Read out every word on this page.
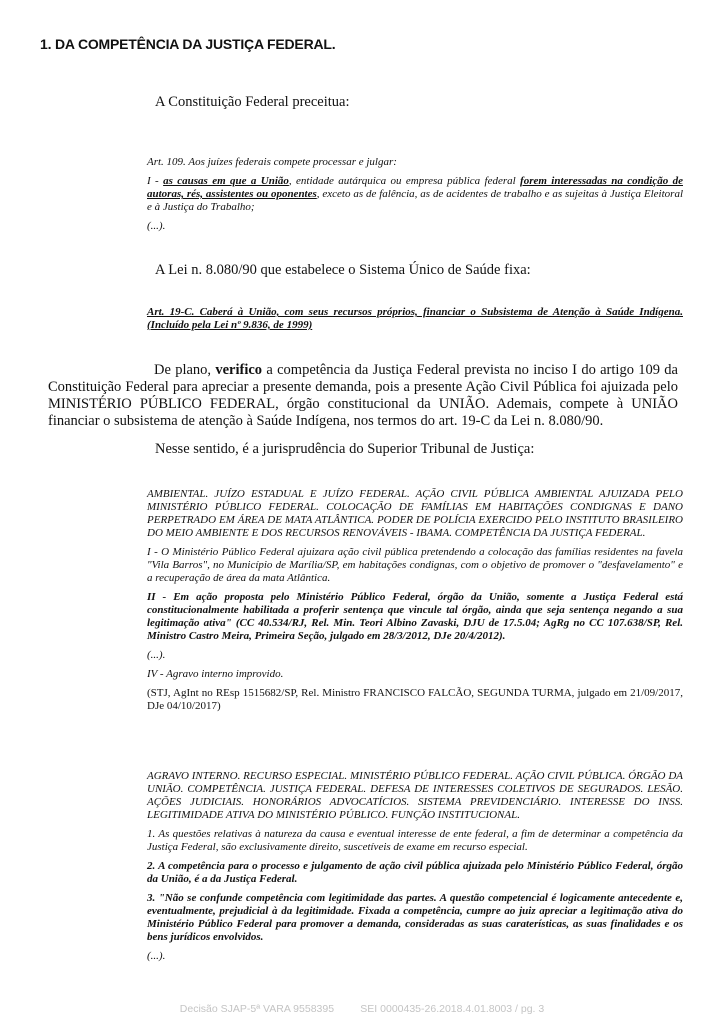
1. DA COMPETÊNCIA DA JUSTIÇA FEDERAL.
A Constituição Federal preceitua:

Art. 109. Aos juízes federais compete processar e julgar:

I - as causas em que a União, entidade autárquica ou empresa pública federal forem interessadas na condição de autoras, rés, assistentes ou oponentes, exceto as de falência, as de acidentes de trabalho e as sujeitas à Justiça Eleitoral e à Justiça do Trabalho;

(...).

A Lei n. 8.080/90 que estabelece o Sistema Único de Saúde fixa:

Art. 19-C. Caberá à União, com seus recursos próprios, financiar o Subsistema de Atenção à Saúde Indígena. (Incluído pela Lei nº 9.836, de 1999)

De plano, verifico a competência da Justiça Federal prevista no inciso I do artigo 109 da Constituição Federal para apreciar a presente demanda, pois a presente Ação Civil Pública foi ajuizada pelo MINISTÉRIO PÚBLICO FEDERAL, órgão constitucional da UNIÃO. Ademais, compete à UNIÃO financiar o subsistema de atenção à Saúde Indígena, nos termos do art. 19-C da Lei n. 8.080/90.
Nesse sentido, é a jurisprudência do Superior Tribunal de Justiça:

AMBIENTAL. JUÍZO ESTADUAL E JUÍZO FEDERAL. AÇÃO CIVIL PÚBLICA AMBIENTAL AJUIZADA PELO MINISTÉRIO PÚBLICO FEDERAL. COLOCAÇÃO DE FAMÍLIAS EM HABITAÇÕES CONDIGNAS E DANO PERPETRADO EM ÁREA DE MATA ATLÂNTICA. PODER DE POLÍCIA EXERCIDO PELO INSTITUTO BRASILEIRO DO MEIO AMBIENTE E DOS RECURSOS RENOVÁVEIS - IBAMA. COMPETÊNCIA DA JUSTIÇA FEDERAL.

I - O Ministério Público Federal ajuizara ação civil pública pretendendo a colocação das famílias residentes na favela "Vila Barros", no Município de Marília/SP, em habitações condignas, com o objetivo de promover o "desfavelamento" e a recuperação de área da mata Atlântica.

II - Em ação proposta pelo Ministério Público Federal, órgão da União, somente a Justiça Federal está constitucionalmente habilitada a proferir sentença que vincule tal órgão, ainda que seja sentença negando a sua legitimação ativa" (CC 40.534/RJ, Rel. Min. Teori Albino Zavaski, DJU de 17.5.04; AgRg no CC 107.638/SP, Rel. Ministro Castro Meira, Primeira Seção, julgado em 28/3/2012, DJe 20/4/2012).

(...).

IV - Agravo interno improvido.

(STJ, AgInt no REsp 1515682/SP, Rel. Ministro FRANCISCO FALCÃO, SEGUNDA TURMA, julgado em 21/09/2017, DJe 04/10/2017)

AGRAVO INTERNO. RECURSO ESPECIAL. MINISTÉRIO PÚBLICO FEDERAL. AÇÃO CIVIL PÚBLICA. ÓRGÃO DA UNIÃO. COMPETÊNCIA. JUSTIÇA FEDERAL. DEFESA DE INTERESSES COLETIVOS DE SEGURADOS. LESÃO. AÇÕES JUDICIAIS. HONORÁRIOS ADVOCATÍCIOS. SISTEMA PREVIDENCIÁRIO. INTERESSE DO INSS. LEGITIMIDADE ATIVA DO MINISTÉRIO PÚBLICO. FUNÇÃO INSTITUCIONAL.

1. As questões relativas à natureza da causa e eventual interesse de ente federal, a fim de determinar a competência da Justiça Federal, são exclusivamente direito, suscetíveis de exame em recurso especial.

2. A competência para o processo e julgamento de ação civil pública ajuizada pelo Ministério Público Federal, órgão da União, é a da Justiça Federal.

3. "Não se confunde competência com legitimidade das partes. A questão competencial é logicamente antecedente e, eventualmente, prejudicial à da legitimidade. Fixada a competência, cumpre ao juiz apreciar a legitimação ativa do Ministério Público Federal para promover a demanda, consideradas as suas caraterísticas, as suas finalidades e os bens jurídicos envolvidos.

(...).

Decisão SJAP-5ª VARA 9558395         SEI 0000435-26.2018.4.01.8003 / pg. 3
